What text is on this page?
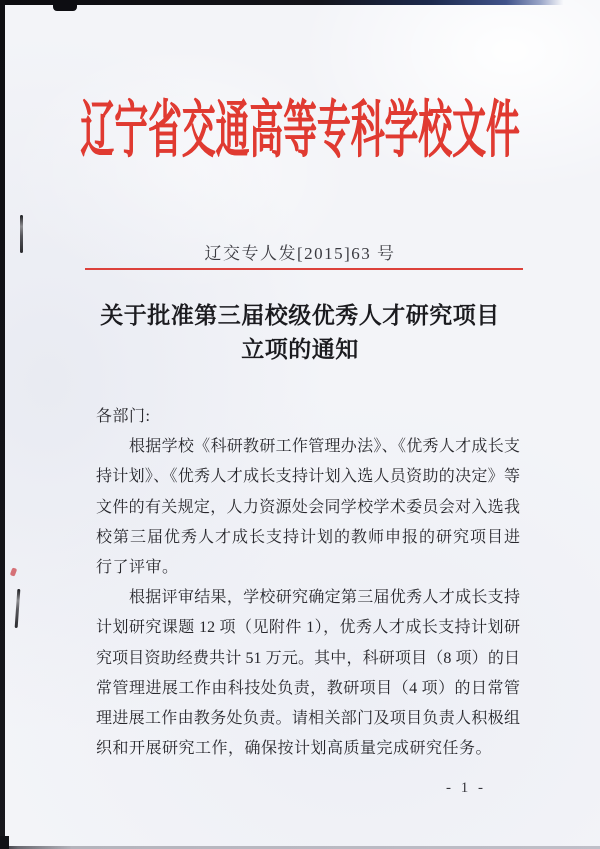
辽宁省交通高等专科学校文件
辽交专人发[2015]63 号
关于批准第三届校级优秀人才研究项目
立项的通知
各部门:
根据学校《科研教研工作管理办法》、《优秀人才成长支
持计划》、《优秀人才成长支持计划入选人员资助的决定》等
文件的有关规定，人力资源处会同学校学术委员会对入选我
校第三届优秀人才成长支持计划的教师申报的研究项目进
行了评审。
根据评审结果，学校研究确定第三届优秀人才成长支持
计划研究课题 12 项（见附件 1），优秀人才成长支持计划研
究项目资助经费共计 51 万元。其中，科研项目（8 项）的日
常管理进展工作由科技处负责，教研项目（4 项）的日常管
理进展工作由教务处负责。请相关部门及项目负责人积极组
织和开展研究工作，确保按计划高质量完成研究任务。
- 1 -
